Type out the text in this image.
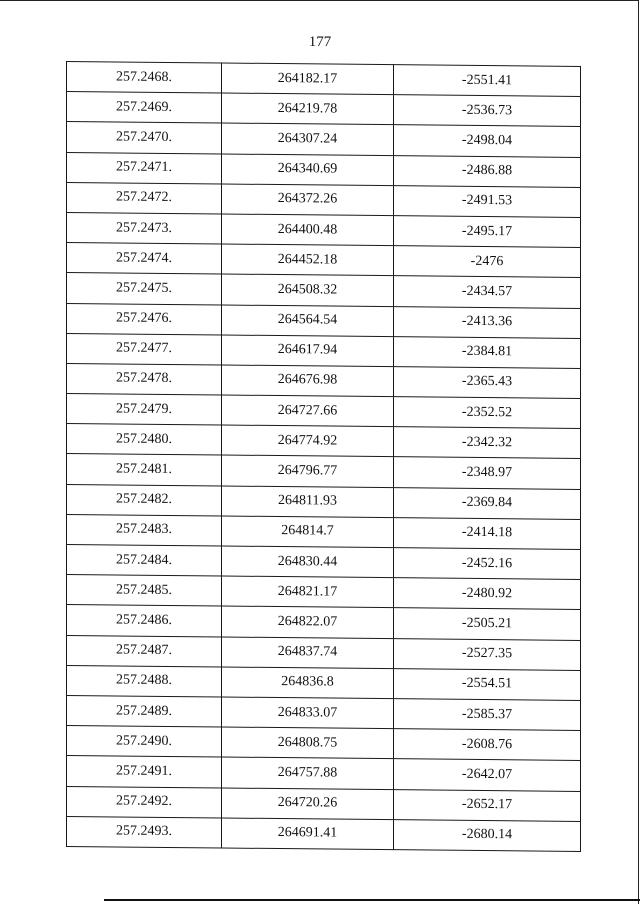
177
257.2468.	264182.17	-2551.41
257.2469.	264219.78	-2536.73
257.2470.	264307.24	-2498.04
257.2471.	264340.69	-2486.88
257.2472.	264372.26	-2491.53
257.2473.	264400.48	-2495.17
257.2474.	264452.18	-2476
257.2475.	264508.32	-2434.57
257.2476.	264564.54	-2413.36
257.2477.	264617.94	-2384.81
257.2478.	264676.98	-2365.43
257.2479.	264727.66	-2352.52
257.2480.	264774.92	-2342.32
257.2481.	264796.77	-2348.97
257.2482.	264811.93	-2369.84
257.2483.	264814.7	-2414.18
257.2484.	264830.44	-2452.16
257.2485.	264821.17	-2480.92
257.2486.	264822.07	-2505.21
257.2487.	264837.74	-2527.35
257.2488.	264836.8	-2554.51
257.2489.	264833.07	-2585.37
257.2490.	264808.75	-2608.76
257.2491.	264757.88	-2642.07
257.2492.	264720.26	-2652.17
257.2493.	264691.41	-2680.14
